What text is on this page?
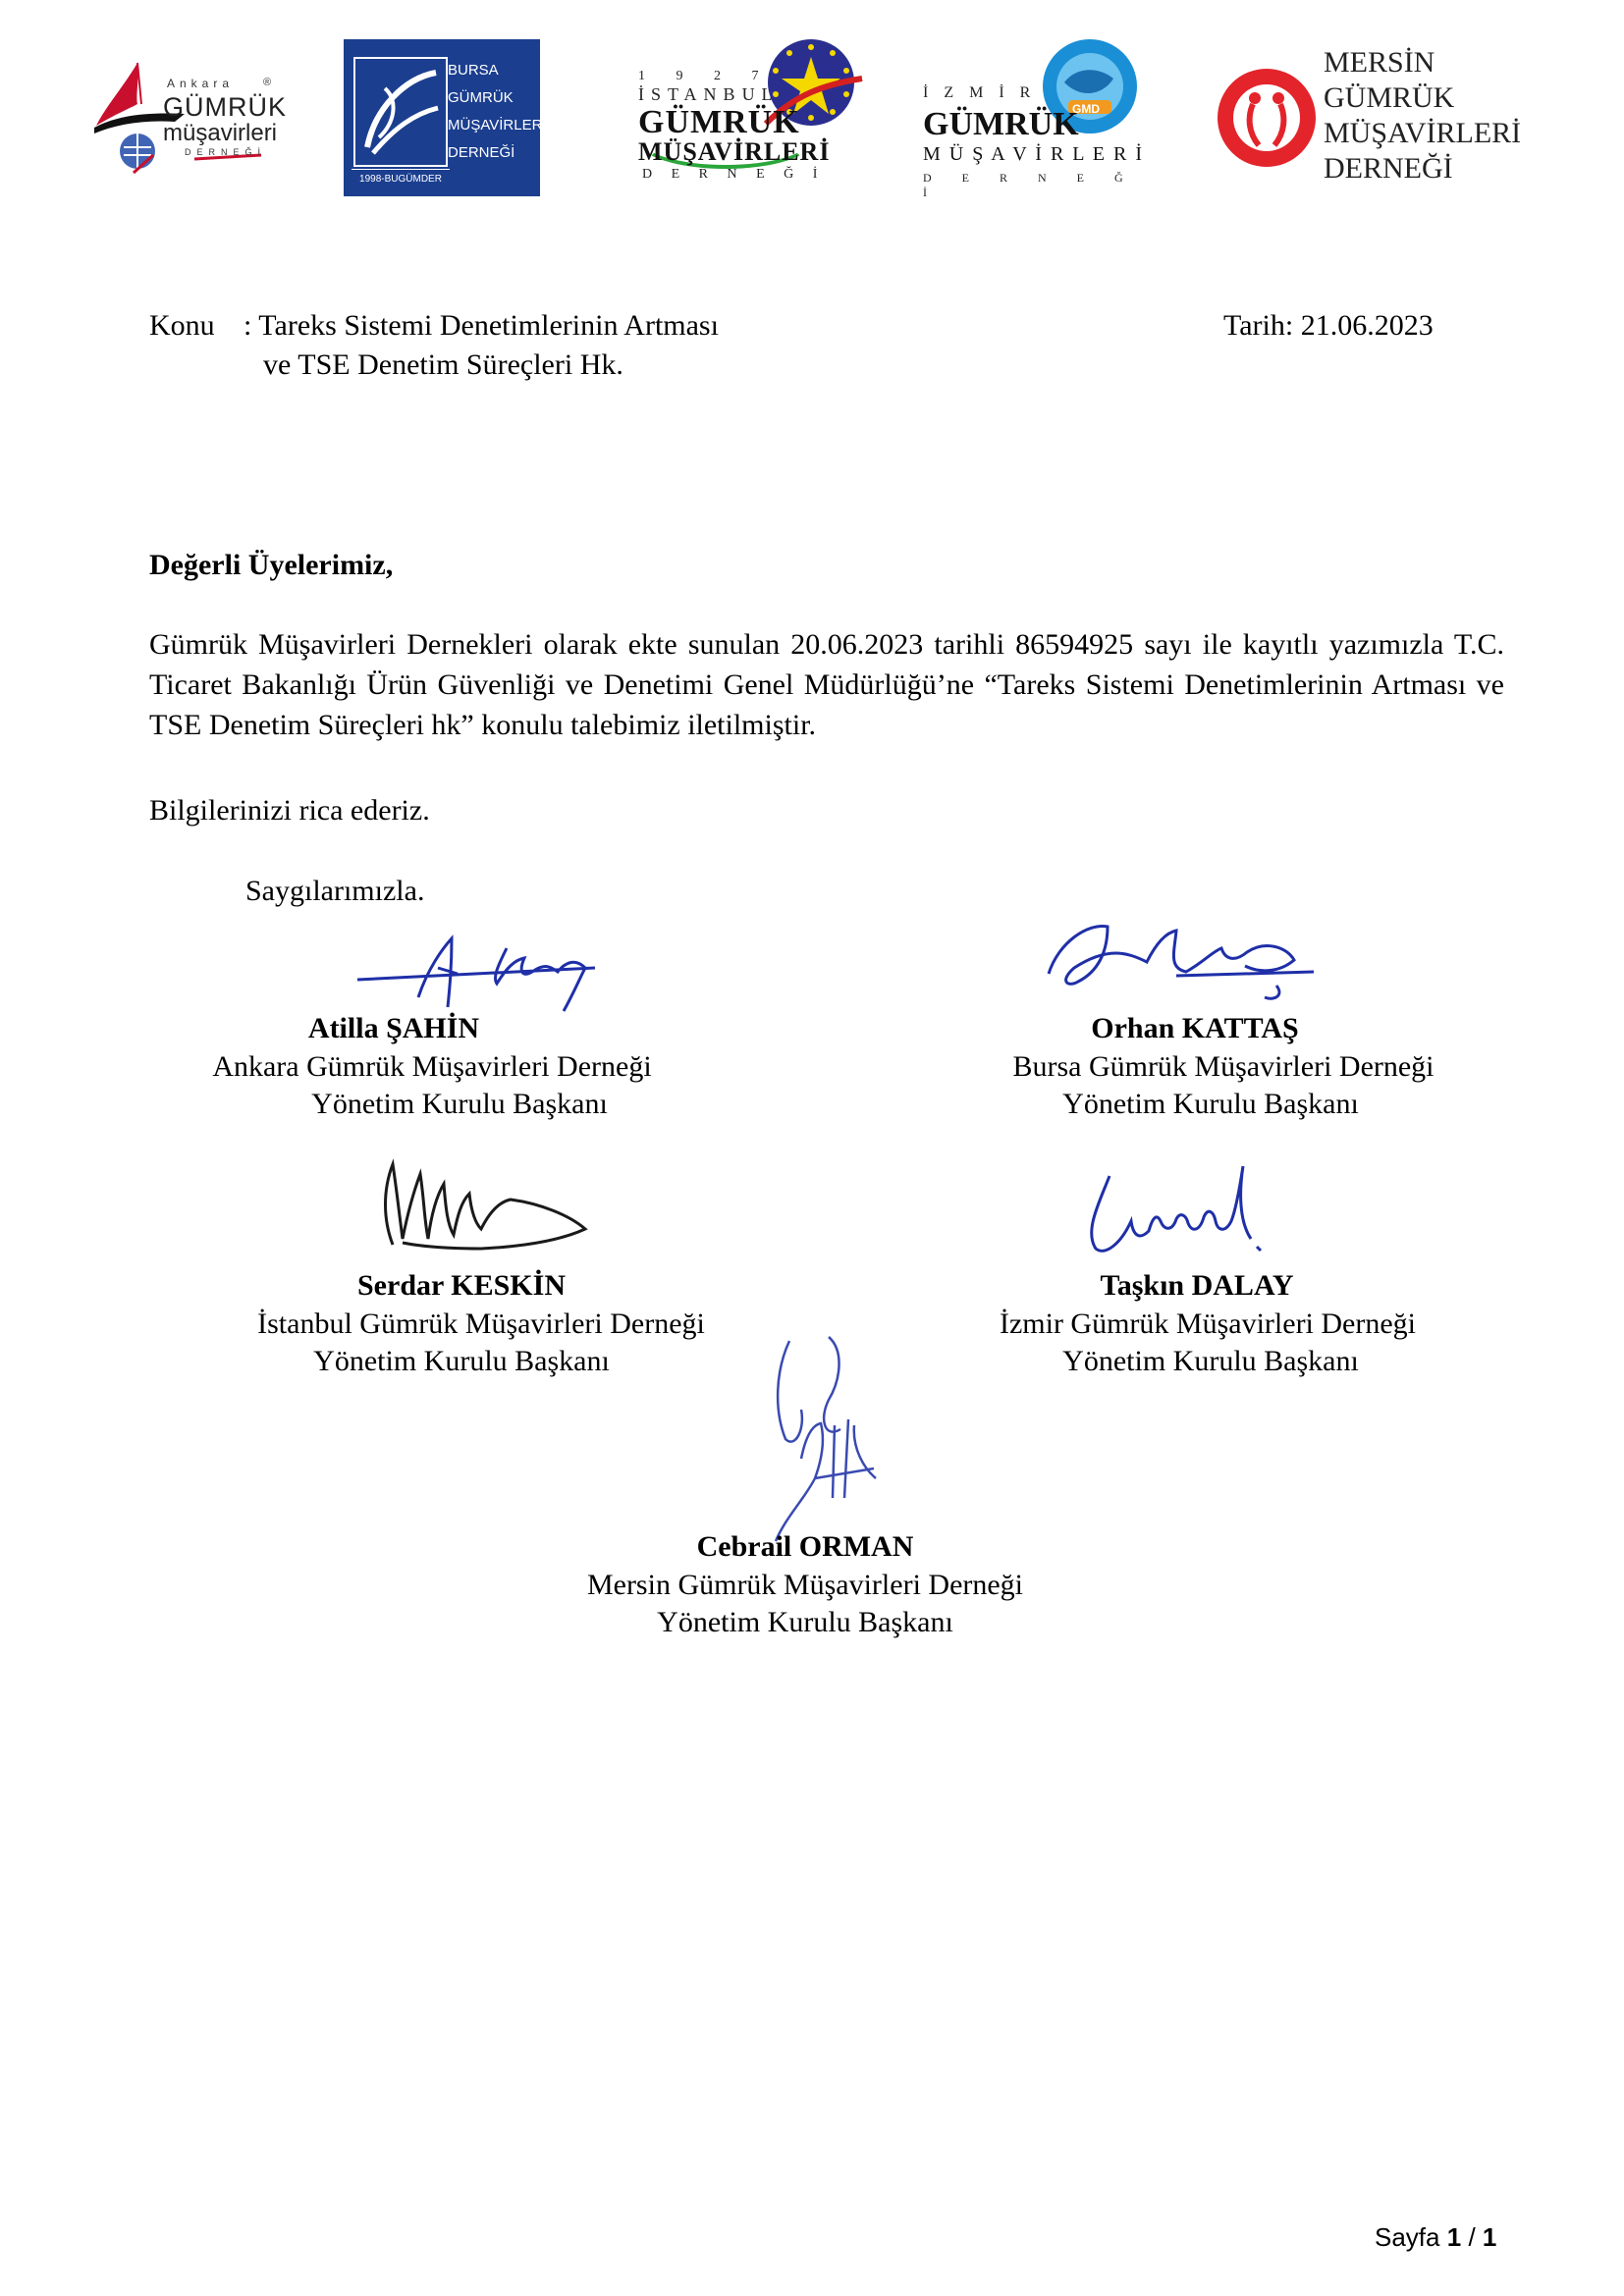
Ankara	®
GÜMRÜK
müşavirleri
DERNEĞİ
BURSA
GÜMRÜK
MÜŞAVİRLERİ
DERNEĞİ
1998-BUGÜMDER
1 9 2 7
İSTANBUL
GÜMRÜK
MÜŞAVİRLERİ
D E R N E Ğ İ
GMD
İ Z M İ R
GÜMRÜK
M Ü Ş A V İ R L E R İ
D E R N E Ğ İ
MERSİN
GÜMRÜK
MÜŞAVİRLERİ
DERNEĞİ
Konu : Tareks Sistemi Denetimlerinin Artması
ve TSE Denetim Süreçleri Hk.
Tarih: 21.06.2023
Değerli Üyelerimiz,
Gümrük Müşavirleri Dernekleri olarak ekte sunulan 20.06.2023 tarihli 86594925 sayı ile kayıtlı yazımızla T.C. Ticaret Bakanlığı Ürün Güvenliği ve Denetimi Genel Müdürlüğü’ne “Tareks Sistemi Denetimlerinin Artması ve TSE Denetim Süreçleri hk” konulu talebimiz iletilmiştir.
Bilgilerinizi rica ederiz.
Saygılarımızla.
Atilla ŞAHİN
Ankara Gümrük Müşavirleri Derneği
Yönetim Kurulu Başkanı
Orhan KATTAŞ
Bursa Gümrük Müşavirleri Derneği
Yönetim Kurulu Başkanı
Serdar KESKİN
İstanbul Gümrük Müşavirleri Derneği
Yönetim Kurulu Başkanı
Taşkın DALAY
İzmir Gümrük Müşavirleri Derneği
Yönetim Kurulu Başkanı
Cebrail ORMAN
Mersin Gümrük Müşavirleri Derneği
Yönetim Kurulu Başkanı
Sayfa 1 / 1
